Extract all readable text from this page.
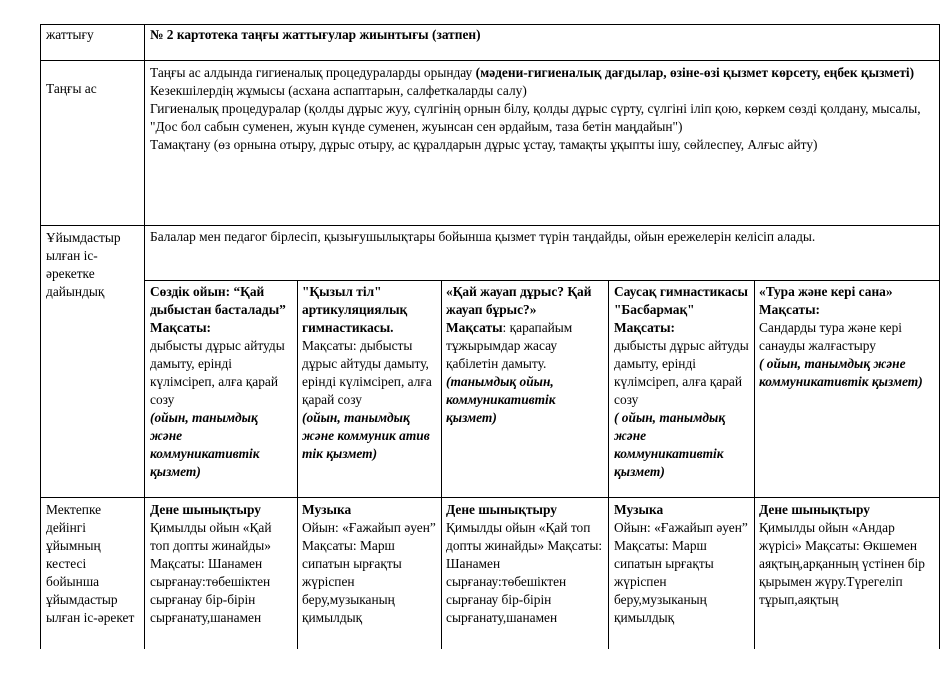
жаттығу	№ 2 картотека таңғы жаттығулар жиынтығы (затпен)
Таңғы ас
Таңғы ас алдында гигиеналық процедураларды орындау (мәдени-гигиеналық дағдылар, өзіне-өзі қызмет көрсету, еңбек қызметі)
Кезекшілердің жұмысы (асхана аспаптарын, салфеткаларды салу)
Гигиеналық процедуралар (қолды дұрыс жуу, сүлгінің орнын білу, қолды дұрыс сүрту, сүлгіні іліп қою, көркем сөзді қолдану, мысалы, "Дос бол сабын суменен, жуын күнде суменен, жуынсан сен әрдайым, таза бетін маңдайын")
Тамақтану (өз орнына отыру, дұрыс отыру, ас құралдарын дұрыс ұстау, тамақты ұқыпты ішу, сөйлеспеу, Алғыс айту)
Ұйымдастыр ылған іс-әрекетке дайындық
Балалар мен педагог бірлесіп, қызығушылықтары бойынша қызмет түрін таңдайды, ойын ережелерін келісіп алады.
Сөздік ойын: “Қай дыбыстан басталады”
Мақсаты:
дыбысты дұрыс айтуды дамыту, еріндi күлімсіреп, алға қарай созу
(ойын, танымдық және коммуникативтік қызмет)
"Қызыл тіл" артикуляциялық гимнастикасы.
Мақсаты: дыбысты дұрыс айтуды дамыту, ерінді күлімсіреп, алға қарай созу
(ойын, танымдық және коммуник атив тік қызмет)
«Қай жауап дұрыс? Қай жауап бұрыс?»
Мақсаты: қарапайым тұжырымдар жасау қабілетін дамыту.
(танымдық ойын, коммуникативтік қызмет)
Саусақ гимнастикасы "Басбармақ"
Мақсаты:
дыбысты дұрыс айтуды дамыту, ерінді күлімсіреп, алға қарай созу
( ойын, танымдық және коммуникативтік қызмет)
«Тура және кері сана»
Мақсаты:
Сандарды тура және кері санауды жалғастыру
( ойын, танымдық және коммуникативтік қызмет)
Мектепке дейінгі ұйымның кестесі бойынша ұйымдастыр ылған іс-әрекет
Дене шынықтыру
Қимылды ойын «Қай топ допты жинайды» Мақсаты: Шанамен сырғанау:төбешіктен сырғанау бір-бірін сырғанату,шанамен
Музыка
Ойын: «Ғажайып әуен” Мақсаты: Марш сипатын ырғақты жүріспен беру,музыканың қимылдық
Дене шынықтыру
Қимылды ойын «Қай топ допты жинайды» Мақсаты: Шанамен сырғанау:төбешіктен сырғанау бір-бірін сырғанату,шанамен
Музыка
Ойын: «Ғажайып әуен” Мақсаты: Марш сипатын ырғақты жүріспен беру,музыканың қимылдық
Дене шынықтыру
Қимылды ойын «Андар жүрісі» Мақсаты: Өкшемен аяқтың,арқанның үстінен бір қырымен жүру.Түрегеліп тұрып,аяқтың
